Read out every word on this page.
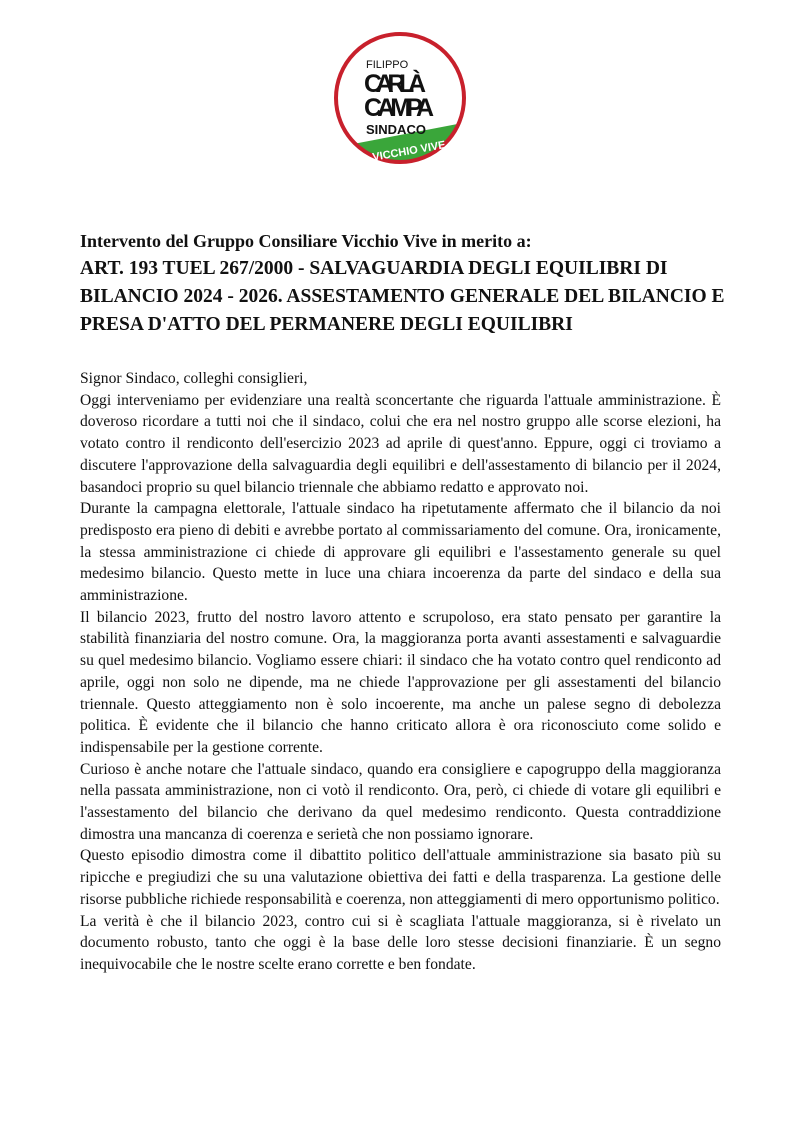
FILIPPO
CARLÀ
CAMPA
SINDACO
VICCHIO VIVE
Intervento del Gruppo Consiliare Vicchio Vive in merito a:
ART. 193 TUEL 267/2000 - SALVAGUARDIA DEGLI EQUILIBRI DI BILANCIO 2024 - 2026. ASSESTAMENTO GENERALE DEL BILANCIO E PRESA D'ATTO DEL PERMANERE DEGLI EQUILIBRI

Signor Sindaco, colleghi consiglieri,

Oggi interveniamo per evidenziare una realtà sconcertante che riguarda l'attuale amministrazione. È doveroso ricordare a tutti noi che il sindaco, colui che era nel nostro gruppo alle scorse elezioni, ha votato contro il rendiconto dell'esercizio 2023 ad aprile di quest'anno. Eppure, oggi ci troviamo a discutere l'approvazione della salvaguardia degli equilibri e dell'assestamento di bilancio per il 2024, basandoci proprio su quel bilancio triennale che abbiamo redatto e approvato noi.

Durante la campagna elettorale, l'attuale sindaco ha ripetutamente affermato che il bilancio da noi predisposto era pieno di debiti e avrebbe portato al commissariamento del comune. Ora, ironicamente, la stessa amministrazione ci chiede di approvare gli equilibri e l'assestamento generale su quel medesimo bilancio. Questo mette in luce una chiara incoerenza da parte del sindaco e della sua amministrazione.

Il bilancio 2023, frutto del nostro lavoro attento e scrupoloso, era stato pensato per garantire la stabilità finanziaria del nostro comune. Ora, la maggioranza porta avanti assestamenti e salvaguardie su quel medesimo bilancio. Vogliamo essere chiari: il sindaco che ha votato contro quel rendiconto ad aprile, oggi non solo ne dipende, ma ne chiede l'approvazione per gli assestamenti del bilancio triennale. Questo atteggiamento non è solo incoerente, ma anche un palese segno di debolezza politica. È evidente che il bilancio che hanno criticato allora è ora riconosciuto come solido e indispensabile per la gestione corrente.

Curioso è anche notare che l'attuale sindaco, quando era consigliere e capogruppo della maggioranza nella passata amministrazione, non ci votò il rendiconto. Ora, però, ci chiede di votare gli equilibri e l'assestamento del bilancio che derivano da quel medesimo rendiconto. Questa contraddizione dimostra una mancanza di coerenza e serietà che non possiamo ignorare.

Questo episodio dimostra come il dibattito politico dell'attuale amministrazione sia basato più su ripicche e pregiudizi che su una valutazione obiettiva dei fatti e della trasparenza. La gestione delle risorse pubbliche richiede responsabilità e coerenza, non atteggiamenti di mero opportunismo politico.

La verità è che il bilancio 2023, contro cui si è scagliata l'attuale maggioranza, si è rivelato un documento robusto, tanto che oggi è la base delle loro stesse decisioni finanziarie. È un segno inequivocabile che le nostre scelte erano corrette e ben fondate.
